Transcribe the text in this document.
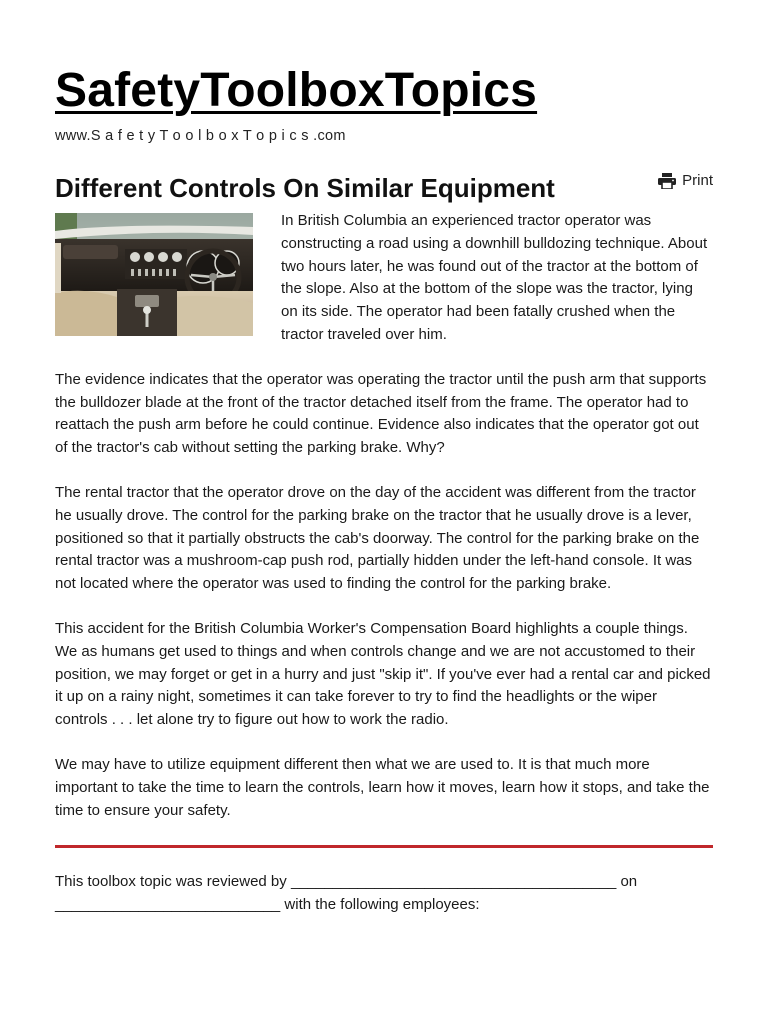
SafetyToolboxTopics
www.S a f e t y T o o l b o x T o p i c s .com
Different Controls On Similar Equipment	Print

In British Columbia an experienced tractor operator was constructing a road using a downhill bulldozing technique. About two hours later, he was found out of the tractor at the bottom of the slope. Also at the bottom of the slope was the tractor, lying on its side. The operator had been fatally crushed when the tractor traveled over him.

The evidence indicates that the operator was operating the tractor until the push arm that supports the bulldozer blade at the front of the tractor detached itself from the frame. The operator had to reattach the push arm before he could continue. Evidence also indicates that the operator got out of the tractor's cab without setting the parking brake. Why?

The rental tractor that the operator drove on the day of the accident was different from the tractor he usually drove. The control for the parking brake on the tractor that he usually drove is a lever, positioned so that it partially obstructs the cab's doorway. The control for the parking brake on the rental tractor was a mushroom-cap push rod, partially hidden under the left-hand console. It was not located where the operator was used to finding the control for the parking brake.

This accident for the British Columbia Worker's Compensation Board highlights a couple things. We as humans get used to things and when controls change and we are not accustomed to their position, we may forget or get in a hurry and just "skip it". If you've ever had a rental car and picked it up on a rainy night, sometimes it can take forever to try to find the headlights or the wiper controls . . . let alone try to figure out how to work the radio.

We may have to utilize equipment different then what we are used to. It is that much more important to take the time to learn the controls, learn how it moves, learn how it stops, and take the time to ensure your safety.

This toolbox topic was reviewed by _______________________________________ on ___________________________ with the following employees:
